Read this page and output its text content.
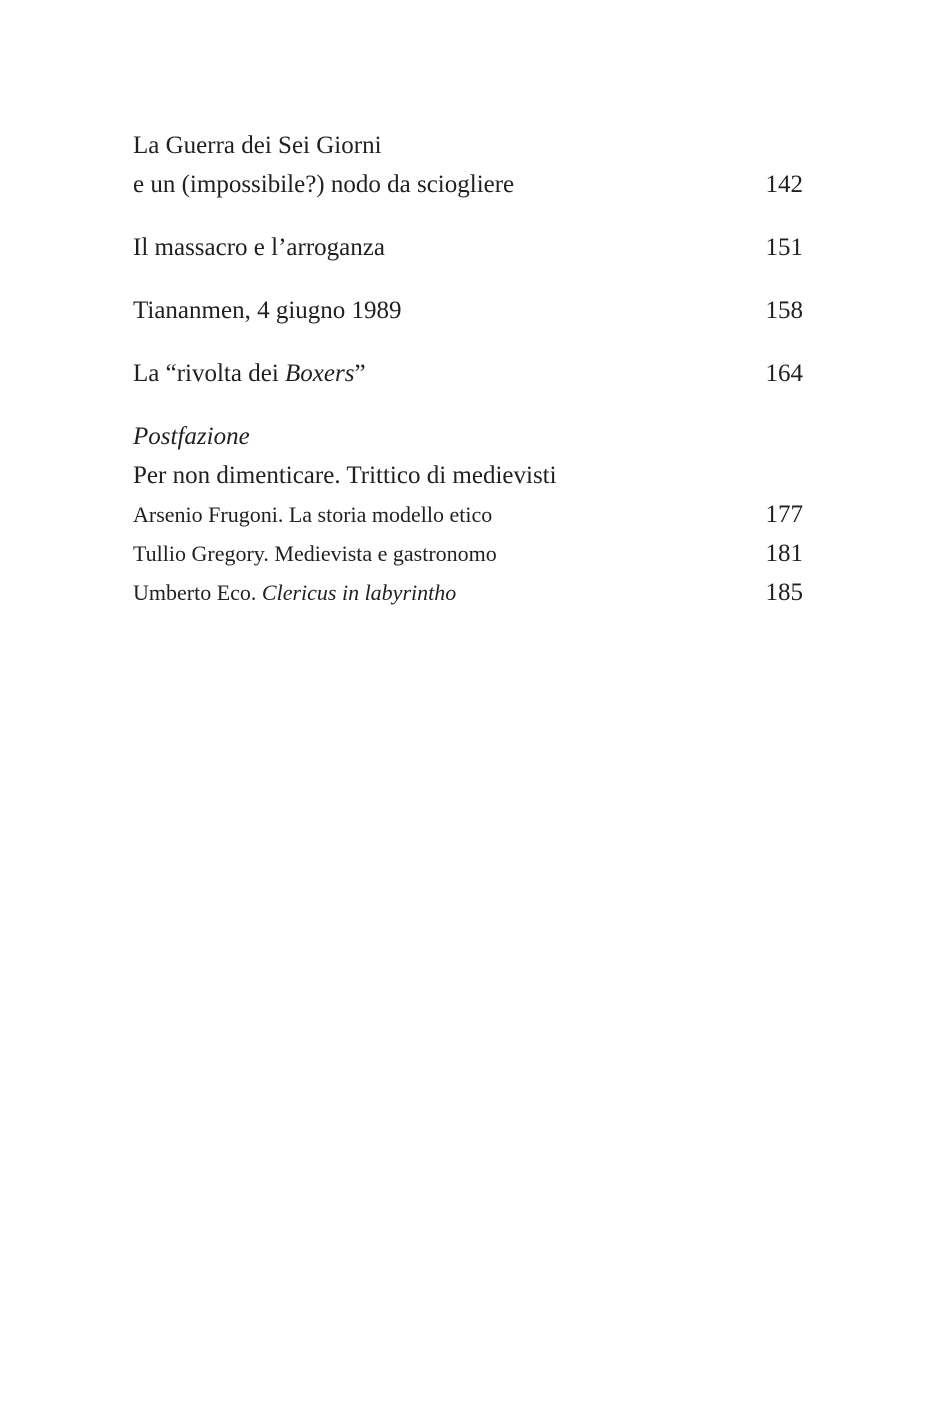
La Guerra dei Sei Giorni
e un (impossibile?) nodo da sciogliere	142
Il massacro e l’arroganza	151
Tiananmen, 4 giugno 1989	158
La “rivolta dei Boxers”	164
Postfazione
Per non dimenticare. Trittico di medievisti
Arsenio Frugoni. La storia modello etico	177
Tullio Gregory. Medievista e gastronomo	181
Umberto Eco. Clericus in labyrintho	185
